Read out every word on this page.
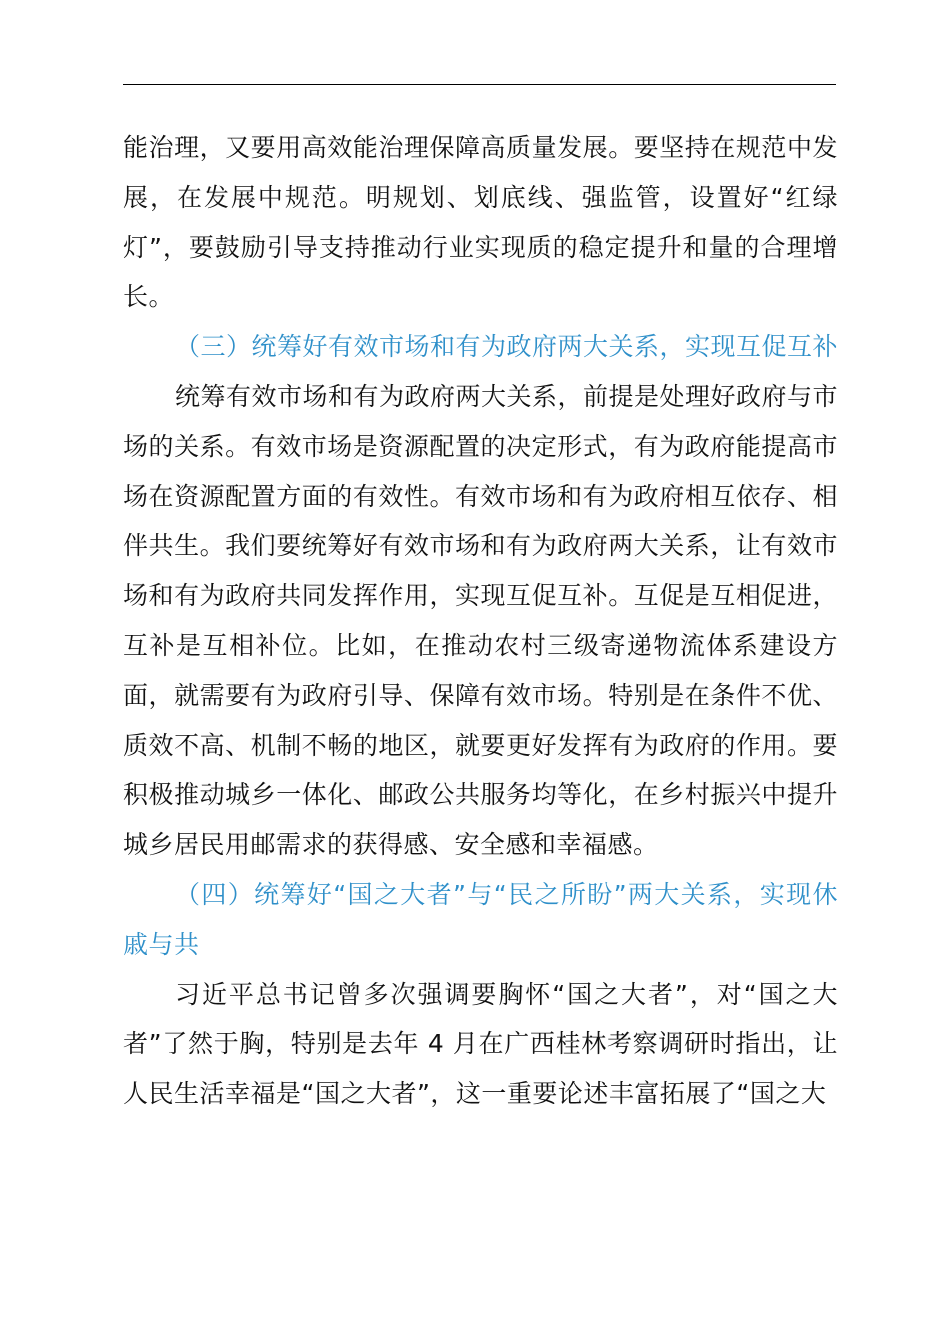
能治理，又要用高效能治理保障高质量发展。要坚持在规范中发展，在发展中规范。明规划、划底线、强监管，设置好“红绿灯”，要鼓励引导支持推动行业实现质的稳定提升和量的合理增长。

（三）统筹好有效市场和有为政府两大关系，实现互促互补

统筹有效市场和有为政府两大关系，前提是处理好政府与市场的关系。有效市场是资源配置的决定形式，有为政府能提高市场在资源配置方面的有效性。有效市场和有为政府相互依存、相伴共生。我们要统筹好有效市场和有为政府两大关系，让有效市场和有为政府共同发挥作用，实现互促互补。互促是互相促进，互补是互相补位。比如，在推动农村三级寄递物流体系建设方面，就需要有为政府引导、保障有效市场。特别是在条件不优、质效不高、机制不畅的地区，就要更好发挥有为政府的作用。要积极推动城乡一体化、邮政公共服务均等化，在乡村振兴中提升城乡居民用邮需求的获得感、安全感和幸福感。

（四）统筹好“国之大者”与“民之所盼”两大关系，实现休戚与共

习近平总书记曾多次强调要胸怀“国之大者”，对“国之大者”了然于胸，特别是去年 4 月在广西桂林考察调研时指出，让人民生活幸福是“国之大者”，这一重要论述丰富拓展了“国之大
